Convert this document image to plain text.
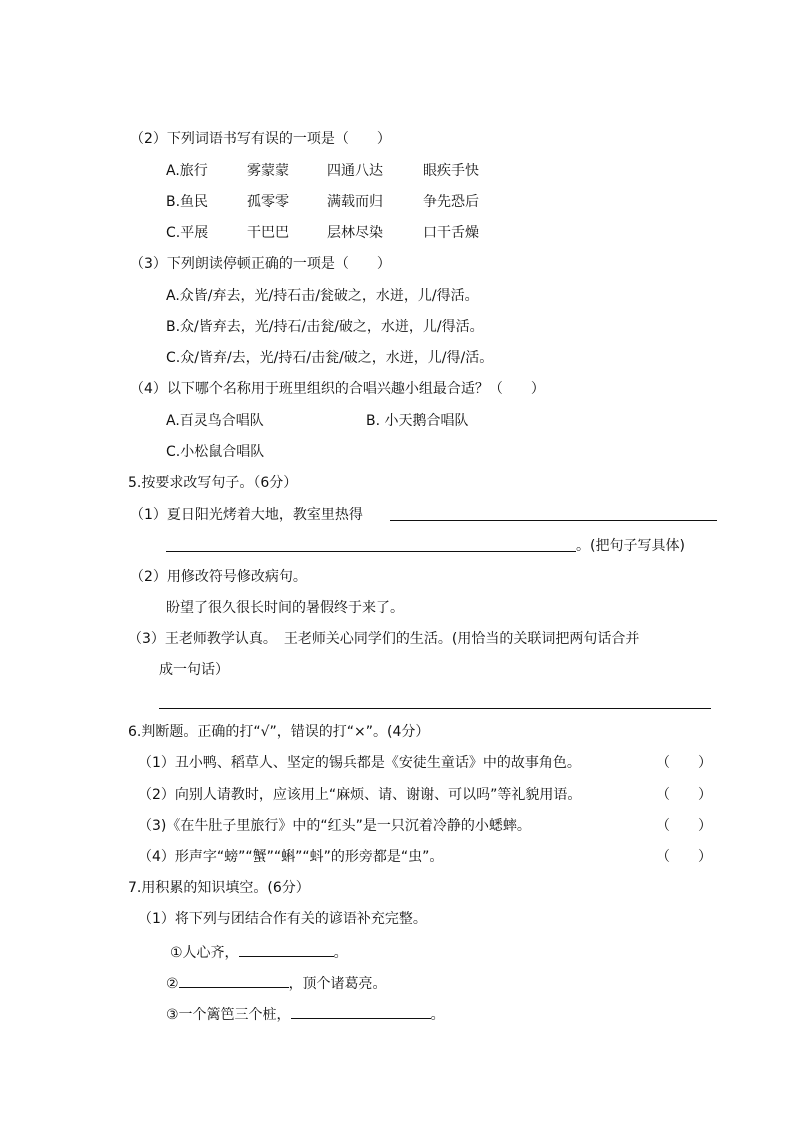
（2）下列词语书写有误的一项是（　　）
A.旅行	雾蒙蒙	四通八达	眼疾手快
B.鱼民	孤零零	满载而归	争先恐后
C.平展	干巴巴	层林尽染	口干舌燥
（3）下列朗读停顿正确的一项是（　　）
A.众皆/弃去，光/持石击/瓮破之，水迸，儿/得活。
B.众/皆弃去，光/持石/击瓮/破之，水迸，儿/得活。
C.众/皆弃/去，光/持石/击瓮/破之，水迸，儿/得/活。
（4）以下哪个名称用于班里组织的合唱兴趣小组最合适？（　　）
A.百灵鸟合唱队	B. 小天鹅合唱队
C.小松鼠合唱队
5.按要求改写句子。（6分）
（1）夏日阳光烤着大地，教室里热得
。(把句子写具体)
（2）用修改符号修改病句。
盼望了很久很长时间的暑假终于来了。
（3）王老师教学认真。　王老师关心同学们的生活。(用恰当的关联词把两句话合并
成一句话）
6.判断题。正确的打“√”，错误的打“×”。(4分）
（1）丑小鸭、稻草人、坚定的锡兵都是《安徒生童话》中的故事角色。	（　　）
（2）向别人请教时，应该用上“麻烦、请、谢谢、可以吗”等礼貌用语。	（　　）
（3)《在牛肚子里旅行》中的“红头”是一只沉着冷静的小蟋蟀。	（　　）
（4）形声字“螃”“蟹”“蝌”“蚪”的形旁都是“虫”。	（　　）
7.用积累的知识填空。(6分）
（1）将下列与团结合作有关的谚语补充完整。
①人心齐，	。
②	，顶个诸葛亮。
③一个篱笆三个桩，	。
